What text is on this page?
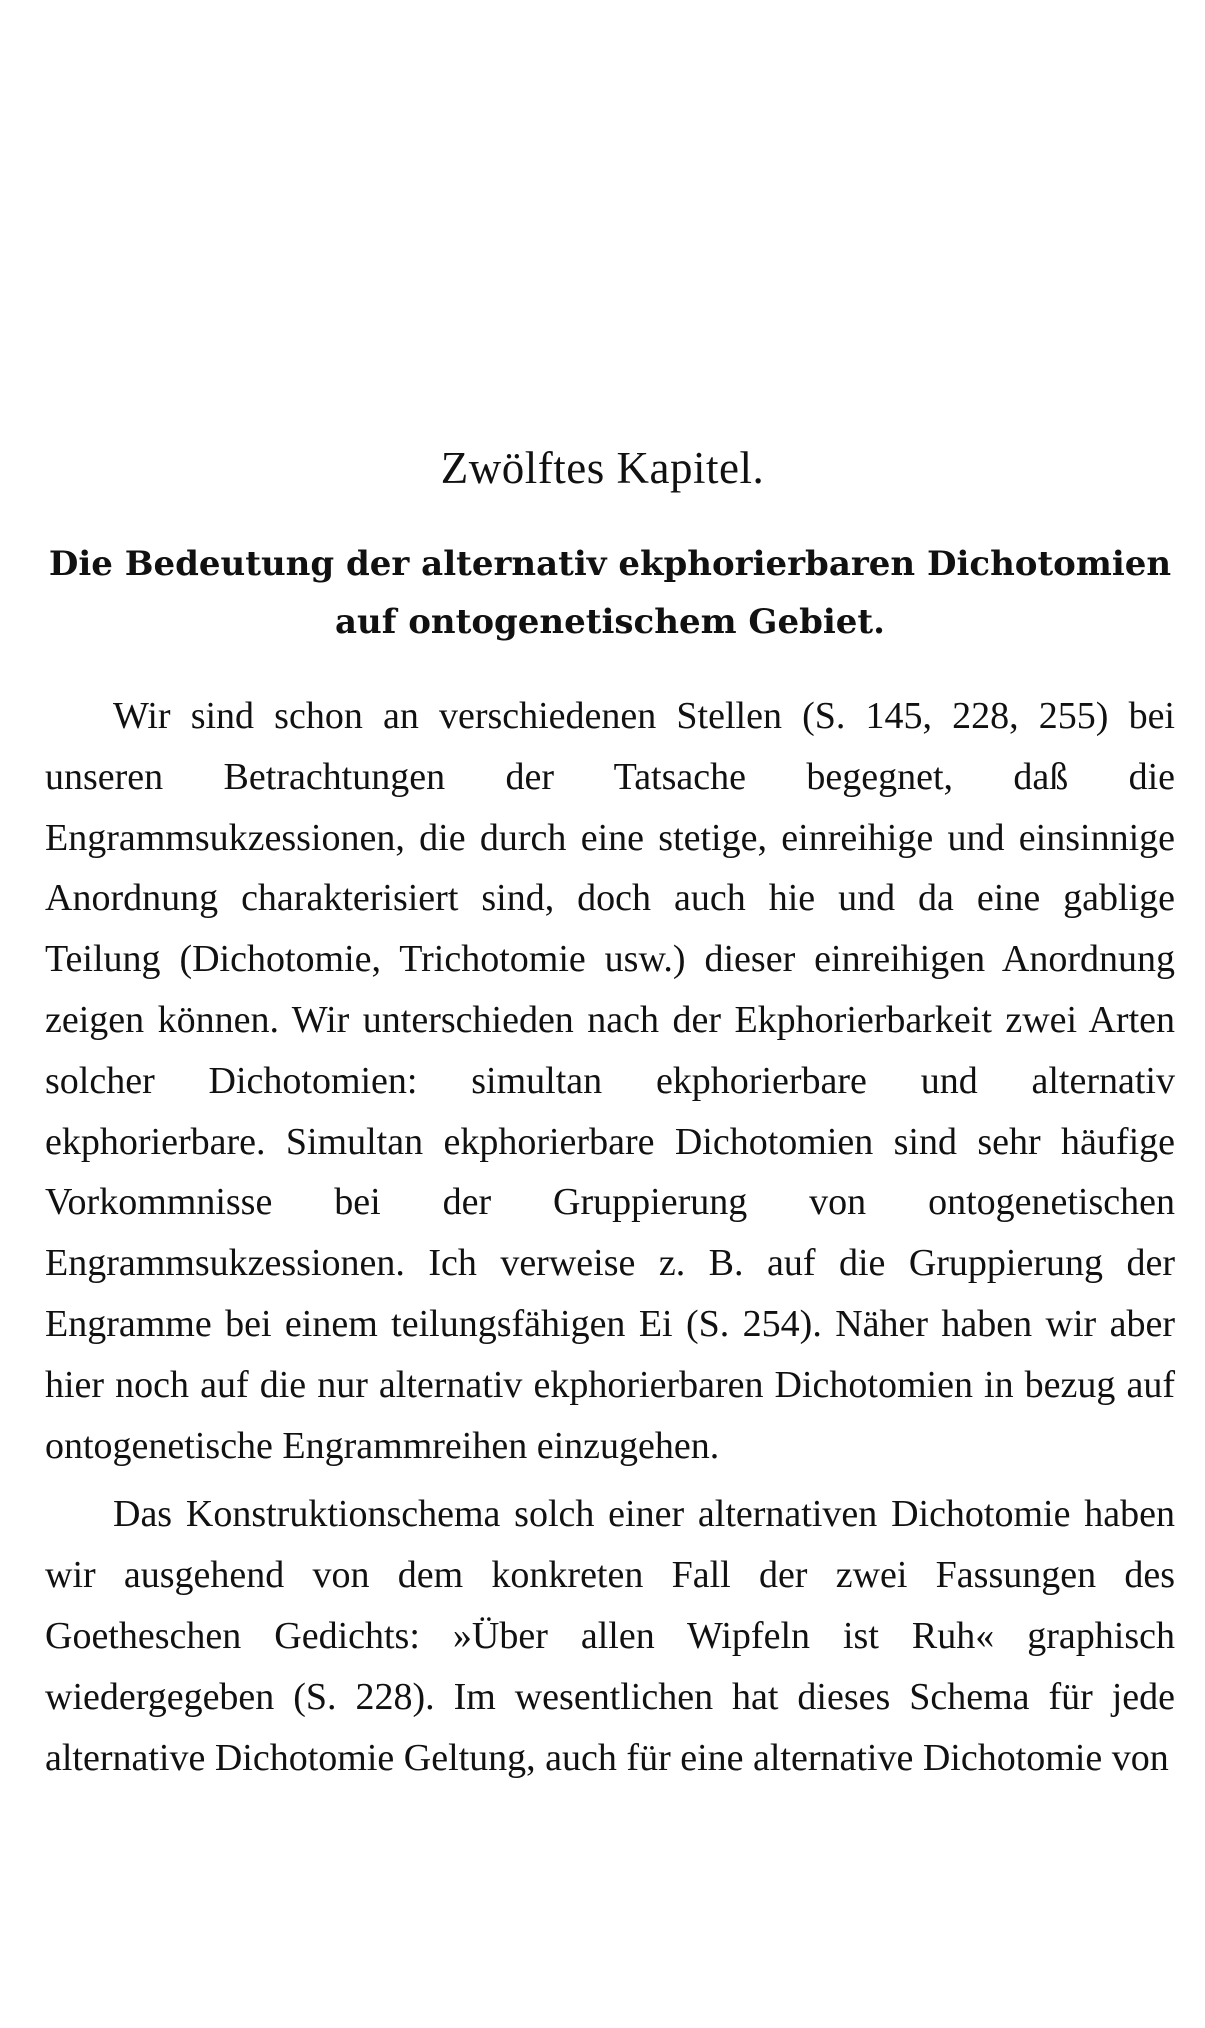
Zwölftes Kapitel.
Die Bedeutung der alternativ ekphorierbaren Dichotomien auf ontogenetischem Gebiet.

Wir sind schon an verschiedenen Stellen (S. 145, 228, 255) bei unseren Betrachtungen der Tatsache begegnet, daß die Engrammsukzessionen, die durch eine stetige, einreihige und einsinnige Anordnung charakterisiert sind, doch auch hie und da eine gablige Teilung (Dichotomie, Trichotomie usw.) dieser einreihigen Anordnung zeigen können. Wir unterschieden nach der Ekphorierbarkeit zwei Arten solcher Dichotomien: simultan ekphorierbare und alternativ ekphorierbare. Simultan ekphorierbare Dichotomien sind sehr häufige Vorkommnisse bei der Gruppierung von ontogenetischen Engrammsukzessionen. Ich verweise z. B. auf die Gruppierung der Engramme bei einem teilungsfähigen Ei (S. 254). Näher haben wir aber hier noch auf die nur alternativ ekphorierbaren Dichotomien in bezug auf ontogenetische Engrammreihen einzugehen.

Das Konstruktionschema solch einer alternativen Dichotomie haben wir ausgehend von dem konkreten Fall der zwei Fassungen des Goetheschen Gedichts: »Über allen Wipfeln ist Ruh« graphisch wiedergegeben (S. 228). Im wesentlichen hat dieses Schema für jede alternative Dichotomie Geltung, auch für eine alternative Dichotomie von
